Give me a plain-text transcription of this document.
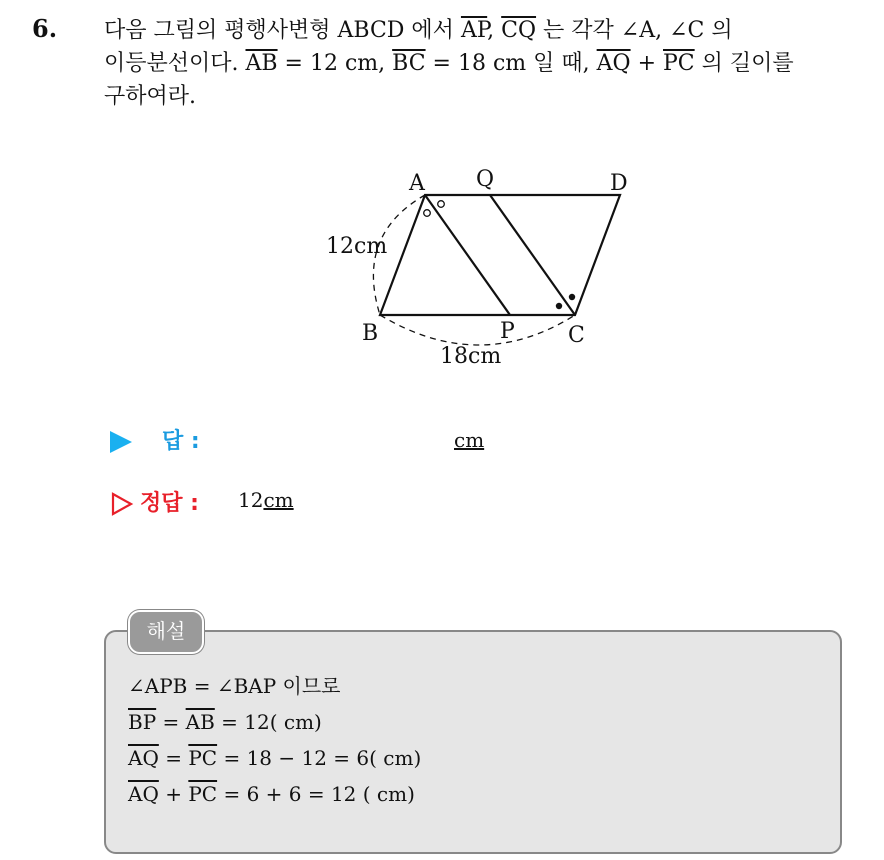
6. 다음 그림의 평행사변형 ABCD 에서 $\overline{AP}$, $\overline{CQ}$ 는 각각 ∠A, ∠C 의
이등분선이다. $\overline{AB} = 12$ cm, $\overline{BC} = 18$ cm 일 때, $\overline{AQ} + \overline{PC}$ 의 길이를
구하여라.
A Q	D
B	P C
12cm
18cm
답 :	cm
정답 : 12cm
해설
∠APB = ∠BAP 이므로
$\overline{BP} = \overline{AB} = 12$( cm)
$\overline{AQ} = \overline{PC} = 18 - 12 = 6$( cm)
$\overline{AQ} + \overline{PC} = 6 + 6 = 12$ ( cm)
